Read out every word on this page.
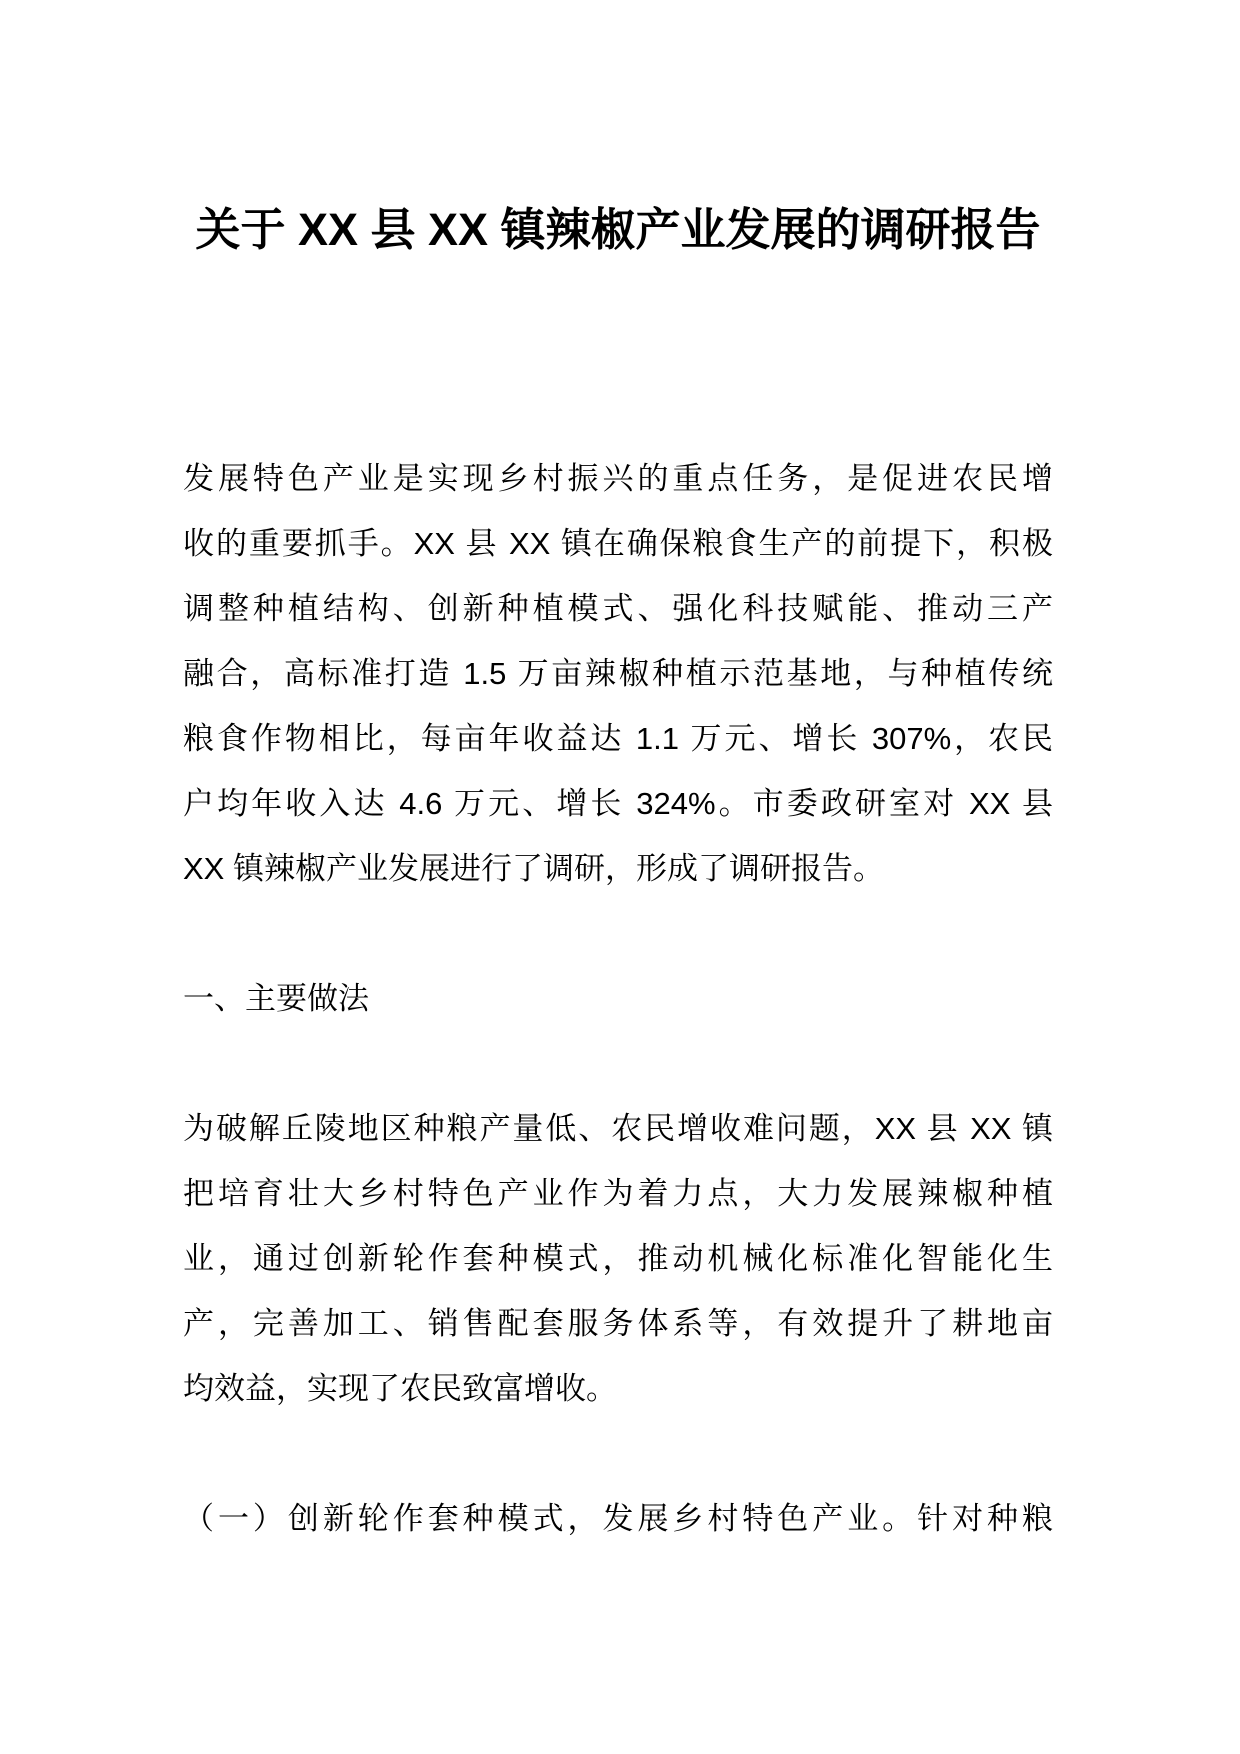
关于 XX 县 XX 镇辣椒产业发展的调研报告
发展特色产业是实现乡村振兴的重点任务，是促进农民增
收的重要抓手。XX 县 XX 镇在确保粮食生产的前提下，积极
调整种植结构、创新种植模式、强化科技赋能、推动三产
融合，高标准打造 1.5 万亩辣椒种植示范基地，与种植传统
粮食作物相比，每亩年收益达 1.1 万元、增长 307%，农民
户均年收入达 4.6 万元、增长 324%。市委政研室对 XX 县
XX 镇辣椒产业发展进行了调研，形成了调研报告。
一、主要做法
为破解丘陵地区种粮产量低、农民增收难问题，XX 县 XX 镇
把培育壮大乡村特色产业作为着力点，大力发展辣椒种植
业，通过创新轮作套种模式，推动机械化标准化智能化生
产，完善加工、销售配套服务体系等，有效提升了耕地亩
均效益，实现了农民致富增收。
（一）创新轮作套种模式，发展乡村特色产业。针对种粮
